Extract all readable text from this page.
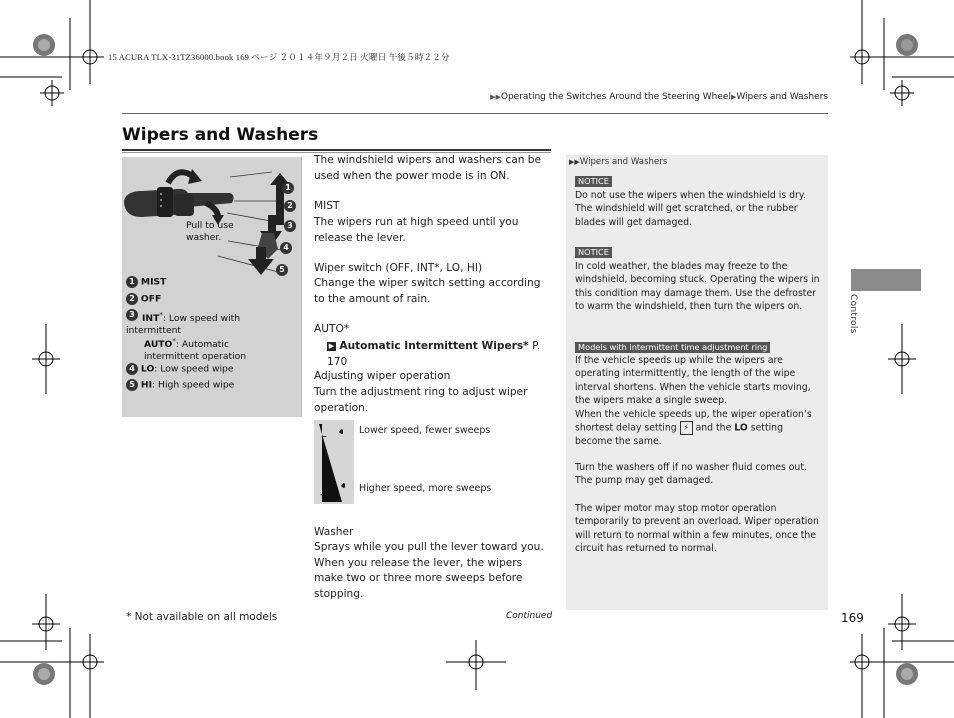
15 ACURA TLX-31TZ36000.book 169 ページ ２０１４年９月２日 火曜日 午後５時２２分
▶▶Operating the Switches Around the Steering Wheel▶Wipers and Washers
Wipers and Washers
1
2
3
4
5
Pull to use washer.
1 MIST
2 OFF
3 INT*: Low speed with intermittent
AUTO*: Automatic intermittent operation
4 LO: Low speed wipe
5 HI: High speed wipe
The windshield wipers and washers can be used when the power mode is in ON.
MIST
The wipers run at high speed until you release the lever.
Wiper switch (OFF, INT*, LO, HI)
Change the wiper switch setting according to the amount of rain.
AUTO*
▶ Automatic Intermittent Wipers* P. 170
Adjusting wiper operation
Turn the adjustment ring to adjust wiper operation.
–
+
Lower speed, fewer sweeps
Higher speed, more sweeps
Washer
Sprays while you pull the lever toward you. When you release the lever, the wipers make two or three more sweeps before stopping.
▶▶Wipers and Washers
NOTICE
Do not use the wipers when the windshield is dry. The windshield will get scratched, or the rubber blades will get damaged.
NOTICE
In cold weather, the blades may freeze to the windshield, becoming stuck. Operating the wipers in this condition may damage them. Use the defroster to warm the windshield, then turn the wipers on.
Models with intermittent time adjustment ring
If the vehicle speeds up while the wipers are operating intermittently, the length of the wipe interval shortens. When the vehicle starts moving, the wipers make a single sweep.
When the vehicle speeds up, the wiper operation’s shortest delay setting ⚡ and the LO setting become the same.
Turn the washers off if no washer fluid comes out. The pump may get damaged.
The wiper motor may stop motor operation temporarily to prevent an overload. Wiper operation will return to normal within a few minutes, once the circuit has returned to normal.
Controls
* Not available on all models	Continued	169
